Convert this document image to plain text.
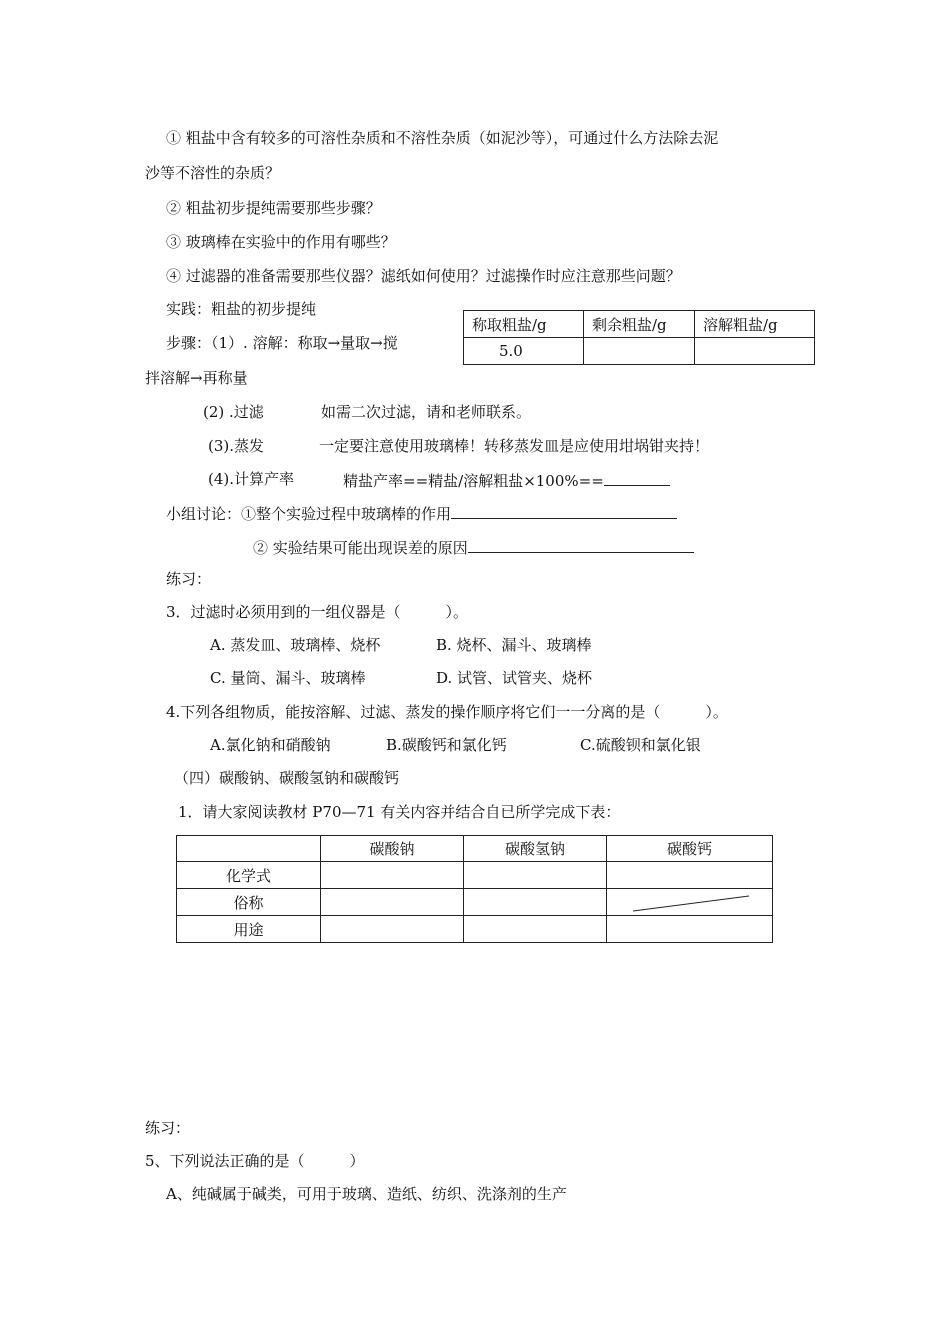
① 粗盐中含有较多的可溶性杂质和不溶性杂质（如泥沙等），可通过什么方法除去泥
沙等不溶性的杂质？
② 粗盐初步提纯需要那些步骤？
③ 玻璃棒在实验中的作用有哪些？
④ 过滤器的准备需要那些仪器？滤纸如何使用？过滤操作时应注意那些问题？
实践：粗盐的初步提纯
步骤：（1）. 溶解：称取→量取→搅
拌溶解→再称量
称取粗盐/g	剩余粗盐/g	溶解粗盐/g
5.0		
(2) .过滤	如需二次过滤，请和老师联系。
(3).蒸发	一定要注意使用玻璃棒！转移蒸发皿是应使用坩埚钳夹持！
(4).计算产率	精盐产率==精盐/溶解粗盐×100%==
小组讨论：①整个实验过程中玻璃棒的作用
② 实验结果可能出现误差的原因
练习：
3．过滤时必须用到的一组仪器是（　　　）。
A. 蒸发皿、玻璃棒、烧杯	B. 烧杯、漏斗、玻璃棒
C. 量筒、漏斗、玻璃棒	D. 试管、试管夹、烧杯
4.下列各组物质，能按溶解、过滤、蒸发的操作顺序将它们一一分离的是（　　　）。
A.氯化钠和硝酸钠	B.碳酸钙和氯化钙	C.硫酸钡和氯化银
（四）碳酸钠、碳酸氢钠和碳酸钙
1．请大家阅读教材 P70—71 有关内容并结合自已所学完成下表：
	碳酸钠	碳酸氢钠	碳酸钙
化学式			
俗称			

用途			
练习：
5、下列说法正确的是（　　　）
A、纯碱属于碱类，可用于玻璃、造纸、纺织、洗涤剂的生产
